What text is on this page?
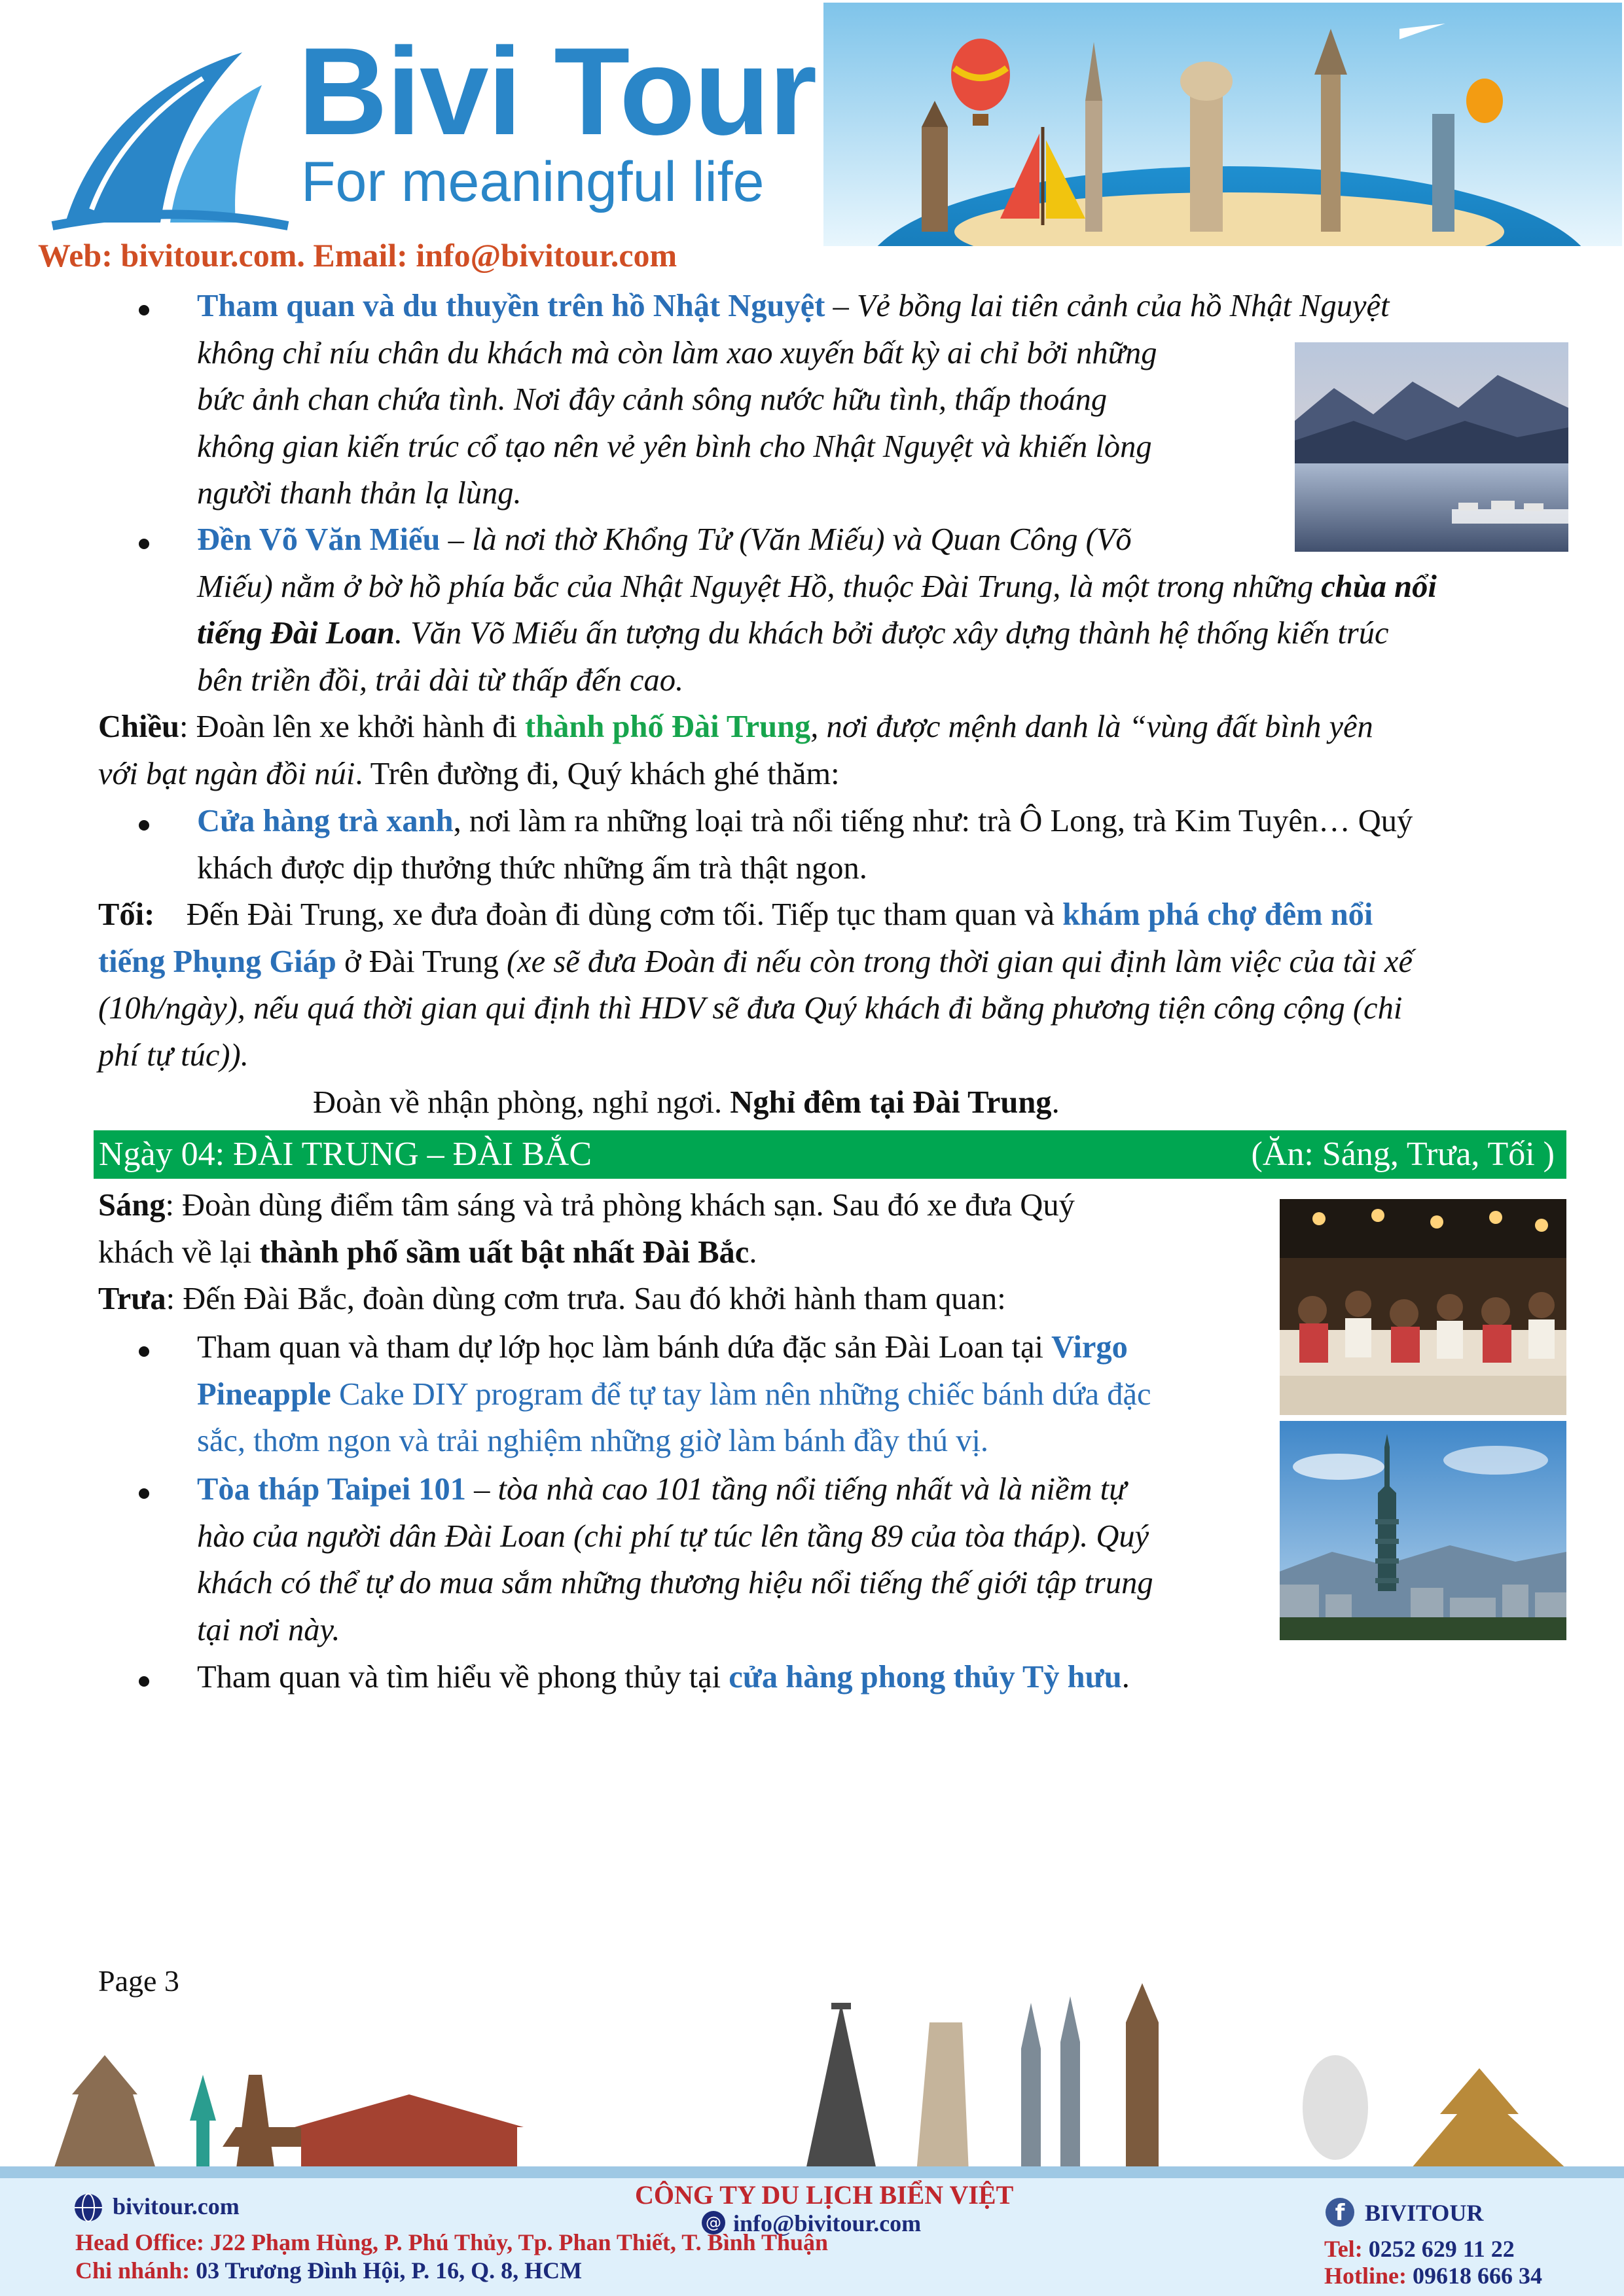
Bivi Tour
For meaningful life
Web: bivitour.com. Email: info@bivitour.com

Tham quan và du thuyền trên hồ Nhật Nguyệt – Vẻ bồng lai tiên cảnh của hồ Nhật Nguyệt

không chỉ níu chân du khách mà còn làm xao xuyến bất kỳ ai chỉ bởi những

bức ảnh chan chứa tình. Nơi đây cảnh sông nước hữu tình, thấp thoáng

không gian kiến trúc cổ tạo nên vẻ yên bình cho Nhật Nguyệt và khiến lòng

người thanh thản lạ lùng.

Đền Võ Văn Miếu – là nơi thờ Khổng Tử (Văn Miếu) và Quan Công (Võ

Miếu) nằm ở bờ hồ phía bắc của Nhật Nguyệt Hồ, thuộc Đài Trung, là một trong những chùa nổi

tiếng Đài Loan. Văn Võ Miếu ấn tượng du khách bởi được xây dựng thành hệ thống kiến trúc

bên triền đồi, trải dài từ thấp đến cao.

Chiều: Đoàn lên xe khởi hành đi thành phố Đài Trung, nơi được mệnh danh là “vùng đất bình yên

với bạt ngàn đồi núi. Trên đường đi, Quý khách ghé thăm:

Cửa hàng trà xanh, nơi làm ra những loại trà nổi tiếng như: trà Ô Long, trà Kim Tuyên… Quý

khách được dịp thưởng thức những ấm trà thật ngon.

Tối: Đến Đài Trung, xe đưa đoàn đi dùng cơm tối. Tiếp tục tham quan và khám phá chợ đêm nổi

tiếng Phụng Giáp ở Đài Trung (xe sẽ đưa Đoàn đi nếu còn trong thời gian qui định làm việc của tài xế

(10h/ngày), nếu quá thời gian qui định thì HDV sẽ đưa Quý khách đi bằng phương tiện công cộng (chi

phí tự túc)).

Đoàn về nhận phòng, nghỉ ngơi. Nghỉ đêm tại Đài Trung.

Ngày 04: ĐÀI TRUNG – ĐÀI BẮC	(Ăn: Sáng, Trưa, Tối )

Sáng: Đoàn dùng điểm tâm sáng và trả phòng khách sạn. Sau đó xe đưa Quý

khách về lại thành phố sầm uất bật nhất Đài Bắc.

Trưa: Đến Đài Bắc, đoàn dùng cơm trưa. Sau đó khởi hành tham quan:

Tham quan và tham dự lớp học làm bánh dứa đặc sản Đài Loan tại Virgo

Pineapple Cake DIY program để tự tay làm nên những chiếc bánh dứa đặc

sắc, thơm ngon và trải nghiệm những giờ làm bánh đầy thú vị.

Tòa tháp Taipei 101 – tòa nhà cao 101 tầng nổi tiếng nhất và là niềm tự

hào của người dân Đài Loan (chi phí tự túc lên tầng 89 của tòa tháp). Quý

khách có thể tự do mua sắm những thương hiệu nổi tiếng thế giới tập trung

tại nơi này.

Tham quan và tìm hiểu về phong thủy tại cửa hàng phong thủy Tỳ hưu.

Page 3
bivitour.com	CÔNG TY DU LỊCH BIỂN VIỆT
@ info@bivitour.com	f BIVITOUR
Head Office: J22 Phạm Hùng, P. Phú Thủy, Tp. Phan Thiết, T. Bình Thuận
Chi nhánh: 03 Trương Đình Hội, P. 16, Q. 8, HCM
Tel: 0252 629 11 22
Hotline: 09618 666 34
